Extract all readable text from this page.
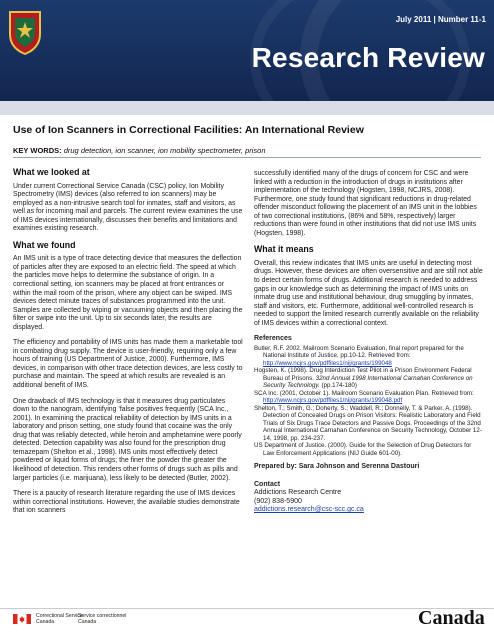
July 2011 | Number 11-1
Research Review
Use of Ion Scanners in Correctional Facilities: An International Review
KEY WORDS: drug detection, ion scanner, ion mobility spectrometer, prison
What we looked at

Under current Correctional Service Canada (CSC) policy, Ion Mobility Spectrometry (IMS) devices (also referred to ion scanners) may be employed as a non-intrusive search tool for inmates, staff and visitors, as well as for incoming mail and parcels. The current review examines the use of IMS devices internationally, discusses their benefits and limitations and examines existing research.

What we found

An IMS unit is a type of trace detecting device that measures the deflection of particles after they are exposed to an electric field. The speed at which the particles move helps to determine the substance of origin. In a correctional setting, ion scanners may be placed at front entrances or within the mail room of the prison, where any object can be swiped. IMS devices detect minute traces of substances programmed into the unit. Samples are collected by wiping or vacuuming objects and then placing the filter or swipe into the unit. Up to six seconds later, the results are displayed.

The efficiency and portability of IMS units has made them a marketable tool in combating drug supply. The device is user-friendly, requiring only a few hours of training (US Department of Justice, 2000). Furthermore, IMS devices, in comparison with other trace detection devices, are less costly to purchase and maintain. The speed at which results are revealed is an additional benefit of IMS.

One drawback of IMS technology is that it measures drug particulates down to the nanogram, identifying ‘false positives frequently (SCA Inc., 2001). In examining the practical reliability of detection by IMS units in a laboratory and prison setting, one study found that cocaine was the only drug that was reliably detected, while heroin and amphetamine were poorly detected. Detection capability was also found for the prescription drug temazepam (Shelton et al., 1998). IMS units most effectively detect powdered or liquid forms of drugs; the finer the powder the greater the likelihood of detection. This renders other forms of drugs such as pills and larger particles (i.e. marijuana), less likely to be detected (Butler, 2002).

There is a paucity of research literature regarding the use of IMS devices within correctional institutions. However, the available studies demonstrate that ion scanners

successfully identified many of the drugs of concern for CSC and were linked with a reduction in the introduction of drugs in institutions after implementation of the technology (Hogsten, 1998, NCJRS, 2008). Furthermore, one study found that significant reductions in drug-related offender misconduct following the placement of an IMS unit in the lobbies of two correctional institutions, (86% and 58%, respectively) larger reductions than were found in other institutions that did not use IMS units (Hogsten, 1998).

What it means

Overall, this review indicates that IMS units are useful in detecting most drugs. However, these devices are often oversensitive and are still not able to detect certain forms of drugs. Additional research is needed to address gaps in our knowledge such as determining the impact of IMS units on inmate drug use and institutional behaviour, drug smuggling by inmates, staff and visitors, etc. Furthermore, additional well-controlled research is needed to support the limited research currently available on the reliability of IMS devices within a correctional context.

References
Butler, R.F. 2002. Mailroom Scenario Evaluation, final report prepared for the National Institute of Justice, pp.10-12. Retrieved from:
http://www.ncjrs.gov/pdffiles1/nij/grants/199048
Hogsten, K. (1998). Drug Interdiction Test Pilot in a Prison Environment Federal Bureau of Prisons. 32nd Annual 1998 International Carnahan Conference on Security Technology. (pp.174-180)
SCA Inc. (2001, October 1). Mailroom Scenario Evaluation Plan. Retrieved from:
http://www.ncjrs.gov/pdffiles1/nij/grants/199048.pdf
Shelton, T.; Smith, G.; Doherty, S.; Waddell, R.; Donnelly, T. & Parker, A. (1998). Detection of Concealed Drugs on Prison Visitors: Realistic Laboratory and Field Trials of Six Drugs Trace Detectors and Passive Dogs. Proceedings of the 32nd Annual International Carnahan Conference on Security Technology, October 12-14, 1998, pp. 234-237.
US Department of Justice. (2000). Guide for the Selection of Drug Detectors for Law Enforcement Applications (NIJ Guide 601-00).
Prepared by: Sara Johnson and Serenna Dastouri
Contact
Addictions Research Centre
(902) 838-5900
addictions.research@csc-scc.gc.ca
Correctional Service
Canada
Service correctionnel
Canada	Canada
